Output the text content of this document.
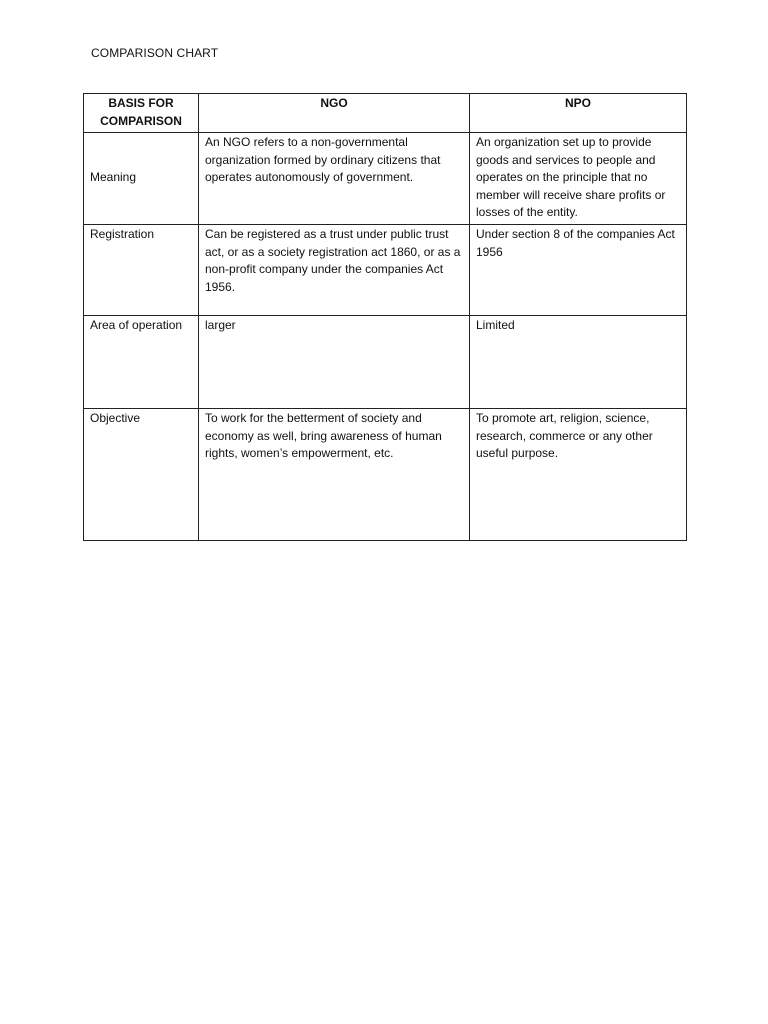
COMPARISON CHART
BASIS FOR COMPARISON	NGO	NPO
Meaning	An NGO refers to a non-governmental organization formed by ordinary citizens that operates autonomously of government.	An organization set up to provide goods and services to people and operates on the principle that no member will receive share profits or losses of the entity.
Registration	Can be registered as a trust under public trust act, or as a society registration act 1860, or as a non-profit company under the companies Act 1956.	Under section 8 of the companies Act 1956
Area of operation	larger	Limited
Objective	To work for the betterment of society and economy as well, bring awareness of human rights, women’s empowerment, etc.	To promote art, religion, science, research, commerce or any other useful purpose.
